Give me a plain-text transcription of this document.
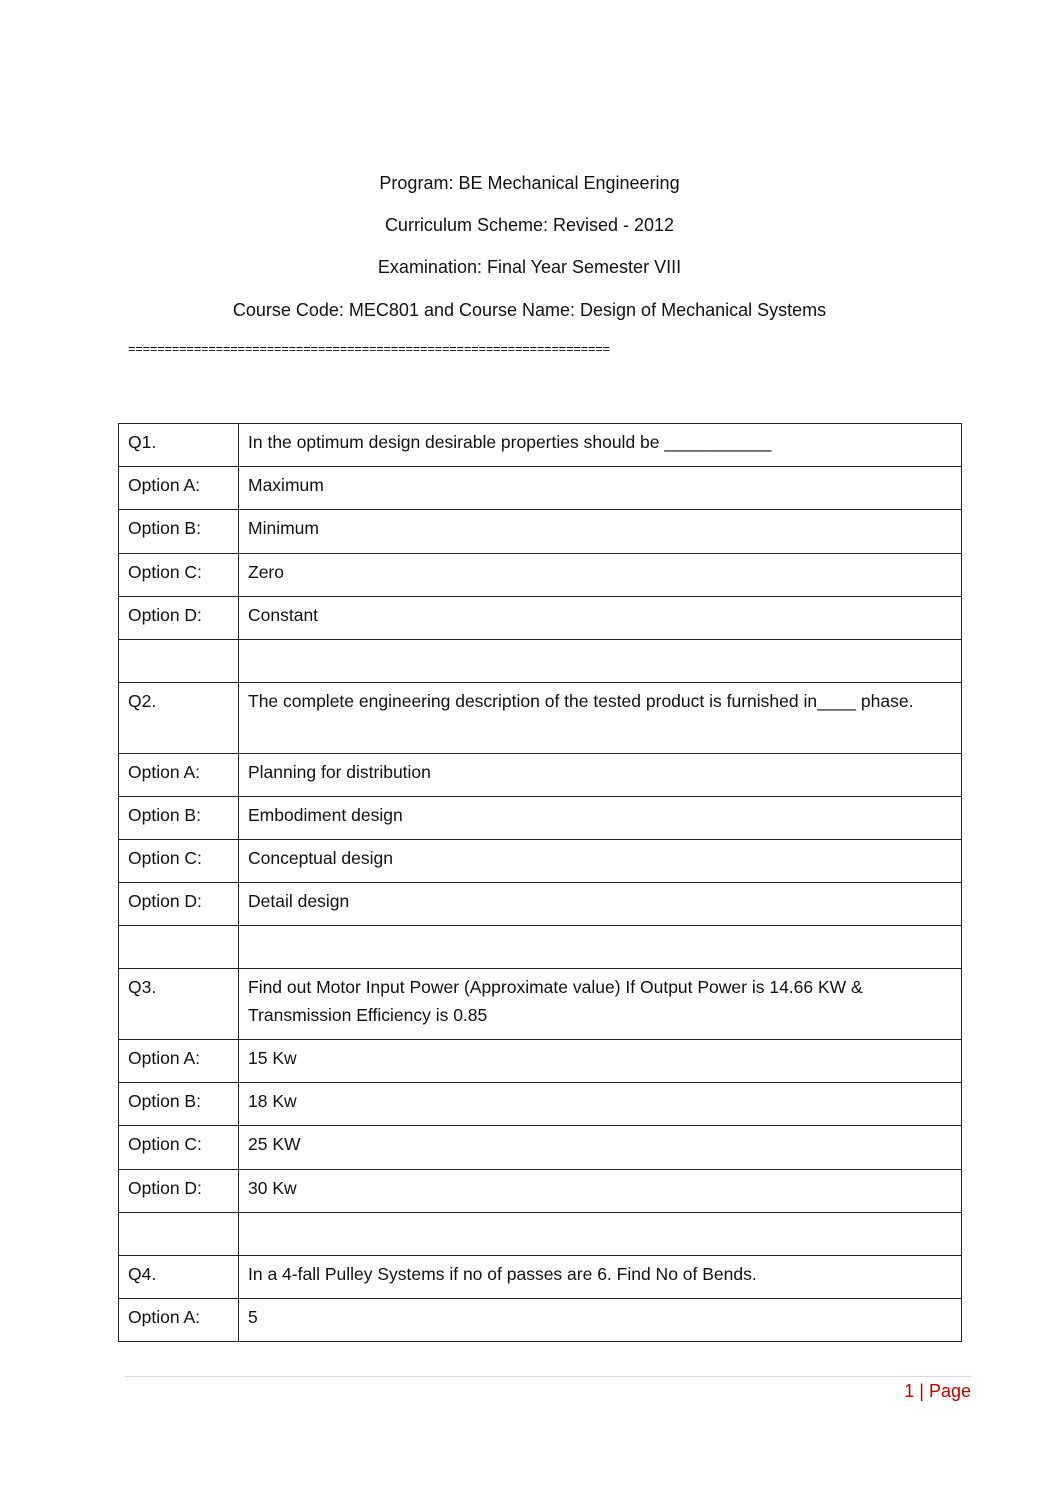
Program: BE Mechanical Engineering
Curriculum Scheme: Revised - 2012
Examination: Final Year Semester VIII
Course Code: MEC801 and Course Name: Design of Mechanical Systems
==================================================================
Q1.	In the optimum design desirable properties should be ___________
Option A:	Maximum
Option B:	Minimum
Option C:	Zero
Option D:	Constant

Q2.	The complete engineering description of the tested product is furnished in____ phase.
Option A:	Planning for distribution
Option B:	Embodiment design
Option C:	Conceptual design
Option D:	Detail design

Q3.	Find out Motor Input Power (Approximate value) If Output Power is 14.66 KW & Transmission Efficiency is 0.85
Option A:	15 Kw
Option B:	18 Kw
Option C:	25 KW
Option D:	30 Kw

Q4.	In a 4-fall Pulley Systems if no of passes are 6. Find No of Bends.
Option A:	5
1 | Page
